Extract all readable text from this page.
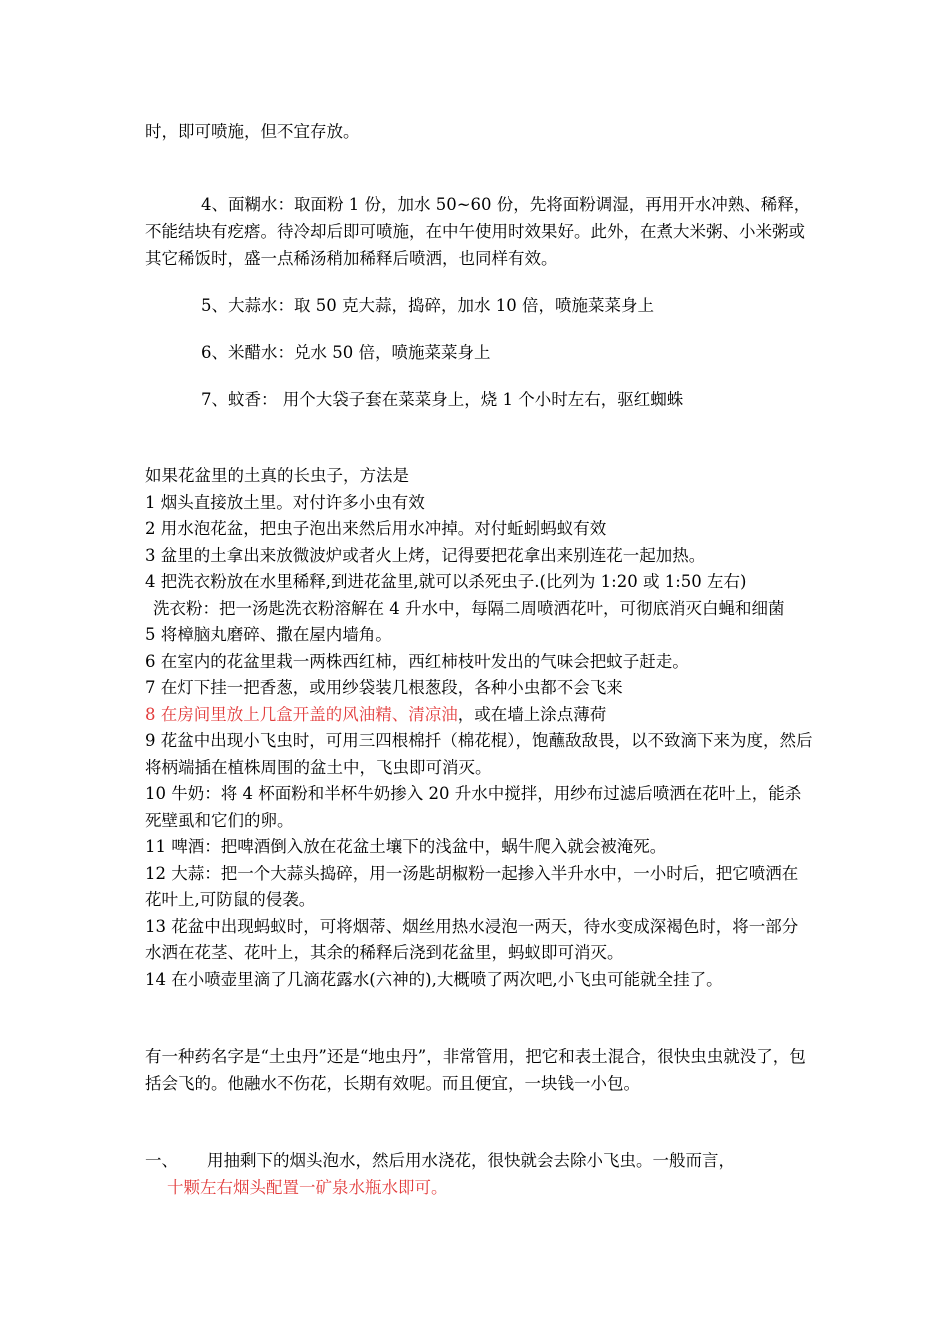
时，即可喷施，但不宜存放。

4、面糊水：取面粉 1 份，加水 50~60 份，先将面粉调湿，再用开水冲熟、稀释，不能结块有疙瘩。待冷却后即可喷施，在中午使用时效果好。此外，在煮大米粥、小米粥或其它稀饭时，盛一点稀汤稍加稀释后喷洒，也同样有效。

5、大蒜水：取 50 克大蒜，捣碎，加水 10 倍，喷施菜菜身上

6、米醋水：兑水 50 倍，喷施菜菜身上

7、蚊香： 用个大袋子套在菜菜身上，烧 1 个小时左右，驱红蜘蛛

如果花盆里的土真的长虫子，方法是

1 烟头直接放土里。对付许多小虫有效

2 用水泡花盆，把虫子泡出来然后用水冲掉。对付蚯蚓蚂蚁有效

3 盆里的土拿出来放微波炉或者火上烤，记得要把花拿出来别连花一起加热。

4 把洗衣粉放在水里稀释,到进花盆里,就可以杀死虫子.(比列为 1:20 或 1:50 左右)

洗衣粉：把一汤匙洗衣粉溶解在 4 升水中，每隔二周喷洒花叶，可彻底消灭白蝇和细菌

5 将樟脑丸磨碎、撒在屋内墙角。

6 在室内的花盆里栽一两株西红柿，西红柿枝叶发出的气味会把蚊子赶走。

7 在灯下挂一把香葱，或用纱袋装几根葱段，各种小虫都不会飞来

8 在房间里放上几盒开盖的风油精、清凉油，或在墙上涂点薄荷

9 花盆中出现小飞虫时，可用三四根棉扦（棉花棍），饱蘸敌敌畏，以不致滴下来为度，然后将柄端插在植株周围的盆土中，飞虫即可消灭。

10 牛奶：将 4 杯面粉和半杯牛奶掺入 20 升水中搅拌，用纱布过滤后喷洒在花叶上，能杀死壁虱和它们的卵。

11 啤酒：把啤酒倒入放在花盆土壤下的浅盆中，蜗牛爬入就会被淹死。

12 大蒜：把一个大蒜头捣碎，用一汤匙胡椒粉一起掺入半升水中，一小时后，把它喷洒在花叶上,可防鼠的侵袭。

13 花盆中出现蚂蚁时，可将烟蒂、烟丝用热水浸泡一两天，待水变成深褐色时，将一部分水洒在花茎、花叶上，其余的稀释后浇到花盆里，蚂蚁即可消灭。

14 在小喷壶里滴了几滴花露水(六神的),大概喷了两次吧,小飞虫可能就全挂了。

有一种药名字是“土虫丹”还是“地虫丹”，非常管用，把它和表土混合，很快虫虫就没了，包括会飞的。他融水不伤花，长期有效呢。而且便宜，一块钱一小包。

一、	用抽剩下的烟头泡水，然后用水浇花，很快就会去除小飞虫。一般而言，
十颗左右烟头配置一矿泉水瓶水即可。
